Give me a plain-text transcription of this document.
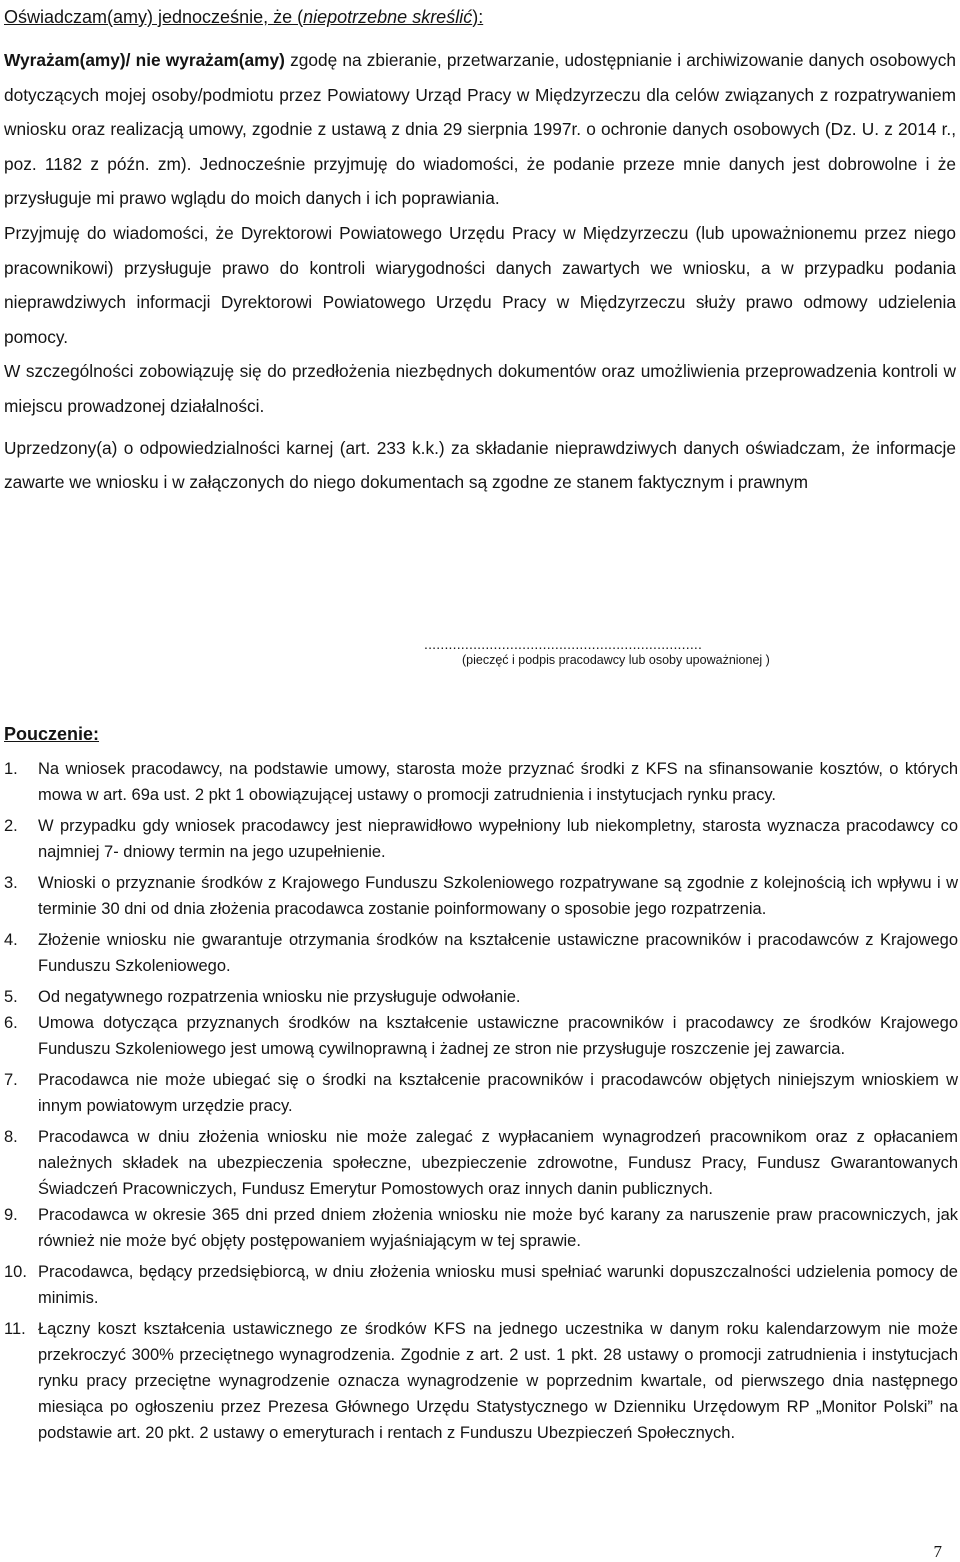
Oświadczam(amy) jednocześnie, że (niepotrzebne skreślić):

Wyrażam(amy)/ nie wyrażam(amy) zgodę na zbieranie, przetwarzanie, udostępnianie i archiwizowanie danych osobowych dotyczących mojej osoby/podmiotu przez Powiatowy Urząd Pracy w Międzyrzeczu dla celów związanych z rozpatrywaniem wniosku oraz realizacją umowy, zgodnie z ustawą z dnia 29 sierpnia 1997r. o ochronie danych osobowych (Dz. U. z 2014 r., poz. 1182 z późn. zm). Jednocześnie przyjmuję do wiadomości, że podanie przeze mnie danych jest dobrowolne i że przysługuje mi prawo wglądu do moich danych i ich poprawiania.

Przyjmuję do wiadomości, że Dyrektorowi Powiatowego Urzędu Pracy w Międzyrzeczu (lub upoważnionemu przez niego pracownikowi) przysługuje prawo do kontroli wiarygodności danych zawartych we wniosku, a w przypadku podania nieprawdziwych informacji Dyrektorowi Powiatowego Urzędu Pracy w Międzyrzeczu służy prawo odmowy udzielenia pomocy.

W szczególności zobowiązuję się do przedłożenia niezbędnych dokumentów oraz umożliwienia przeprowadzenia kontroli w miejscu prowadzonej działalności.

Uprzedzony(a) o odpowiedzialności karnej (art. 233 k.k.) za składanie nieprawdziwych danych oświadczam, że informacje zawarte we wniosku i w załączonych do niego dokumentach są zgodne ze stanem faktycznym i prawnym

....................................................................
(pieczęć i podpis pracodawcy lub osoby upoważnionej )
Pouczenie:
1.	Na wniosek pracodawcy, na podstawie umowy, starosta może przyznać środki z KFS na sfinansowanie kosztów, o których mowa w art. 69a ust. 2 pkt 1 obowiązującej ustawy o promocji zatrudnienia i instytucjach rynku pracy.
2.	W przypadku gdy wniosek pracodawcy jest nieprawidłowo wypełniony lub niekompletny, starosta wyznacza pracodawcy co najmniej 7- dniowy termin na jego uzupełnienie.
3.	Wnioski o przyznanie środków z Krajowego Funduszu Szkoleniowego rozpatrywane są zgodnie z kolejnością ich wpływu i w terminie 30 dni od dnia złożenia pracodawca zostanie poinformowany o sposobie jego rozpatrzenia.
4.	Złożenie wniosku nie gwarantuje otrzymania środków na kształcenie ustawiczne pracowników i pracodawców z Krajowego Funduszu Szkoleniowego.
5.	Od negatywnego rozpatrzenia wniosku nie przysługuje odwołanie.
6.	Umowa dotycząca przyznanych środków na kształcenie ustawiczne pracowników i pracodawcy ze środków Krajowego Funduszu Szkoleniowego jest umową cywilnoprawną i żadnej ze stron nie przysługuje roszczenie jej zawarcia.
7.	Pracodawca nie może ubiegać się o środki na kształcenie pracowników i pracodawców objętych niniejszym wnioskiem w innym powiatowym urzędzie pracy.
8.	Pracodawca w dniu złożenia wniosku nie może zalegać z wypłacaniem wynagrodzeń pracownikom oraz z opłacaniem należnych składek na ubezpieczenia społeczne, ubezpieczenie zdrowotne, Fundusz Pracy, Fundusz Gwarantowanych Świadczeń Pracowniczych, Fundusz Emerytur Pomostowych oraz innych danin publicznych.
9.	Pracodawca w okresie 365 dni przed dniem złożenia wniosku nie może być karany za naruszenie praw pracowniczych, jak również nie może być objęty postępowaniem wyjaśniającym w tej sprawie.
10. Pracodawca, będący przedsiębiorcą, w dniu złożenia wniosku musi spełniać warunki dopuszczalności udzielenia pomocy de minimis.
11. Łączny koszt kształcenia ustawicznego ze środków KFS na jednego uczestnika w danym roku kalendarzowym nie może przekroczyć 300% przeciętnego wynagrodzenia. Zgodnie z art. 2 ust. 1 pkt. 28 ustawy o promocji zatrudnienia i instytucjach rynku pracy przeciętne wynagrodzenie oznacza wynagrodzenie w poprzednim kwartale, od pierwszego dnia następnego miesiąca po ogłoszeniu przez Prezesa Głównego Urzędu Statystycznego w Dzienniku Urzędowym RP „Monitor Polski” na podstawie art. 20 pkt. 2 ustawy o emeryturach i rentach z Funduszu Ubezpieczeń Społecznych.
7
